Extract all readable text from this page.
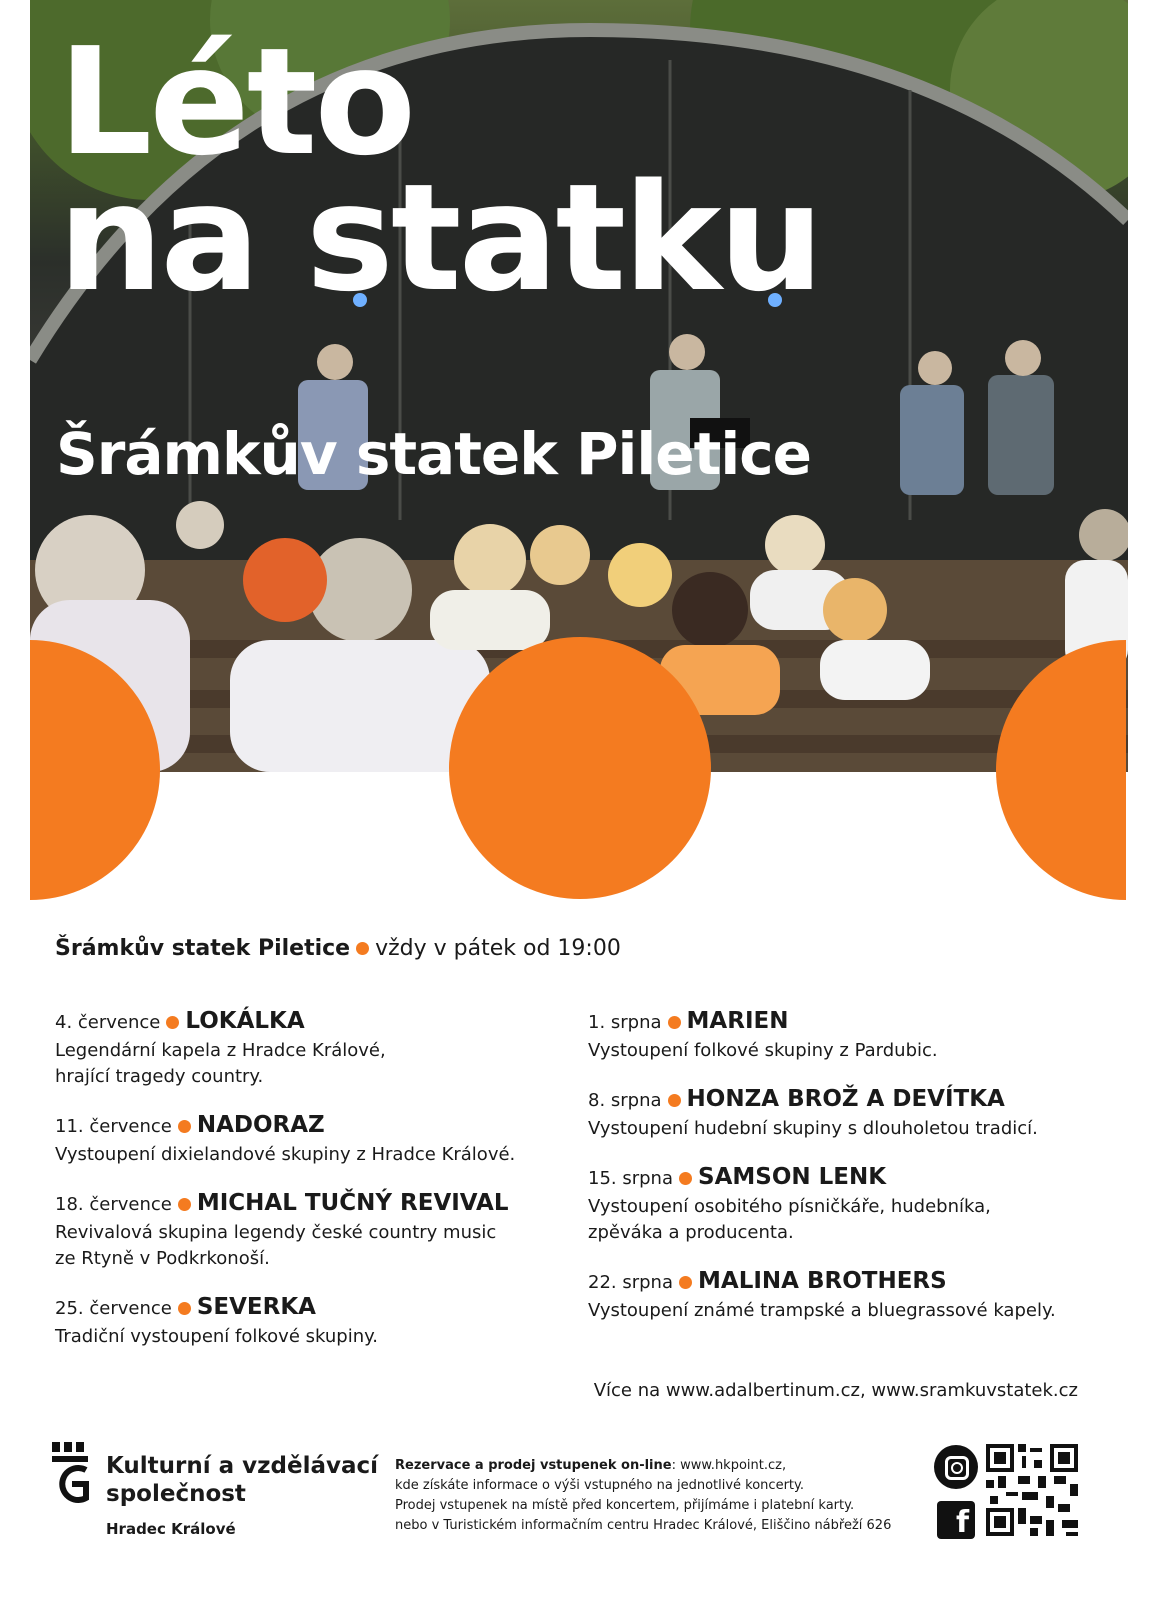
Léto
na statku
Šrámkův statek Piletice
Šrámkův statek Piletice vždy v pátek od 19:00
4. července LOKÁLKA
Legendární kapela z Hradce Králové,
hrající tragedy country.
11. července NADORAZ
Vystoupení dixielandové skupiny z Hradce Králové.
18. července MICHAL TUČNÝ REVIVAL
Revivalová skupina legendy české country music
ze Rtyně v Podkrkonoší.
25. července SEVERKA
Tradiční vystoupení folkové skupiny.
1. srpna MARIEN
Vystoupení folkové skupiny z Pardubic.
8. srpna HONZA BROŽ A DEVÍTKA
Vystoupení hudební skupiny s dlouholetou tradicí.
15. srpna SAMSON LENK
Vystoupení osobitého písničkáře, hudebníka,
zpěváka a producenta.
22. srpna MALINA BROTHERS
Vystoupení známé trampské a bluegrassové kapely.
Více na www.adalbertinum.cz, www.sramkuvstatek.cz
Kulturní a vzdělávací
společnost
Hradec Králové
Rezervace a prodej vstupenek on-line: www.hkpoint.cz,
kde získáte informace o výši vstupného na jednotlivé koncerty.
Prodej vstupenek na místě před koncertem, přijímáme i platební karty.
nebo v Turistickém informačním centru Hradec Králové, Eliščino nábřeží 626	f
